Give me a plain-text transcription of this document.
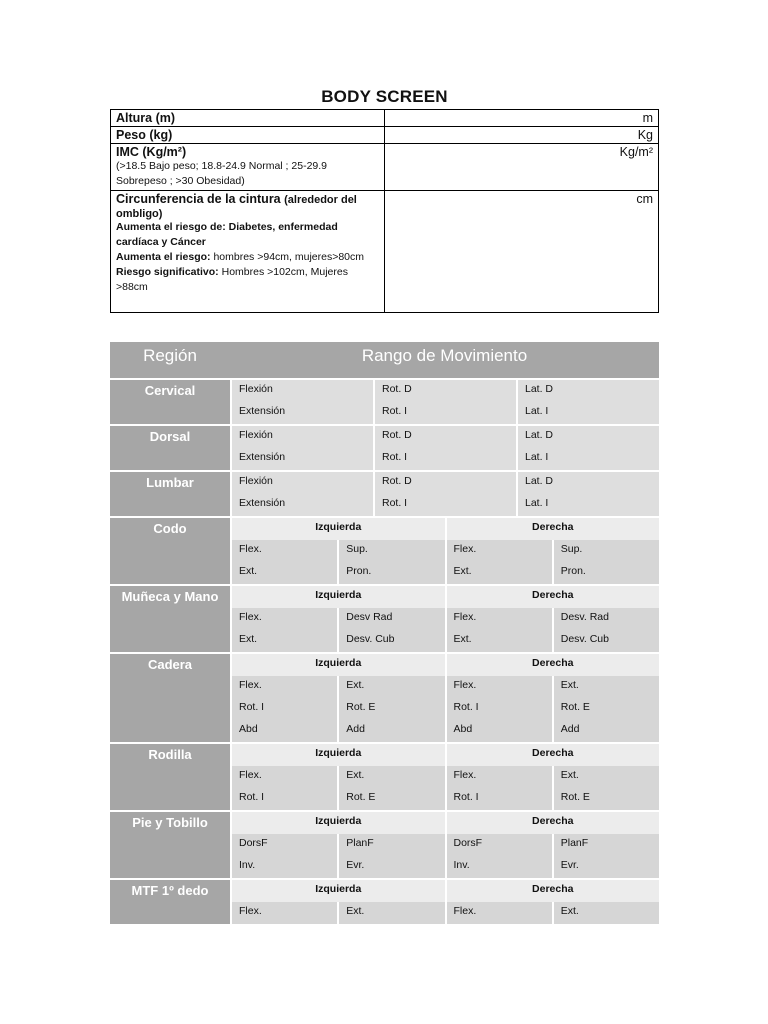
BODY SCREEN
Altura (m)	m
Peso (kg)	Kg

IMC (Kg/m²)
(>18.5 Bajo peso; 18.8-24.9 Normal ; 25-29.9 Sobrepeso ; >30 Obesidad)	Kg/m²

Circunferencia de la cintura (alrededor del ombligo)
Aumenta el riesgo de: Diabetes, enfermedad cardíaca y Cáncer
Aumenta el riesgo: hombres >94cm, mujeres>80cm
Riesgo significativo: Hombres >102cm, Mujeres >88cm	cm
Región	Rango de Movimiento
Cervical	Flexión	Rot. D	Lat. D
Extensión	Rot. I	Lat. I
Dorsal	Flexión	Rot. D	Lat. D
Extensión	Rot. I	Lat. I
Lumbar	Flexión	Rot. D	Lat. D
Extensión	Rot. I	Lat. I
Codo	Izquierda	Derecha
Flex.	Sup.	Flex.	Sup.
Ext.	Pron.	Ext.	Pron.
Muñeca y Mano	Izquierda	Derecha
Flex.	Desv Rad	Flex.	Desv. Rad
Ext.	Desv. Cub	Ext.	Desv. Cub
Cadera	Izquierda	Derecha
Flex.	Ext.	Flex.	Ext.
Rot. I	Rot. E	Rot. I	Rot. E
Abd	Add	Abd	Add
Rodilla	Izquierda	Derecha
Flex.	Ext.	Flex.	Ext.
Rot. I	Rot. E	Rot. I	Rot. E
Pie y Tobillo	Izquierda	Derecha
DorsF	PlanF	DorsF	PlanF
Inv.	Evr.	Inv.	Evr.
MTF 1º dedo	Izquierda	Derecha
Flex.	Ext.	Flex.	Ext.
